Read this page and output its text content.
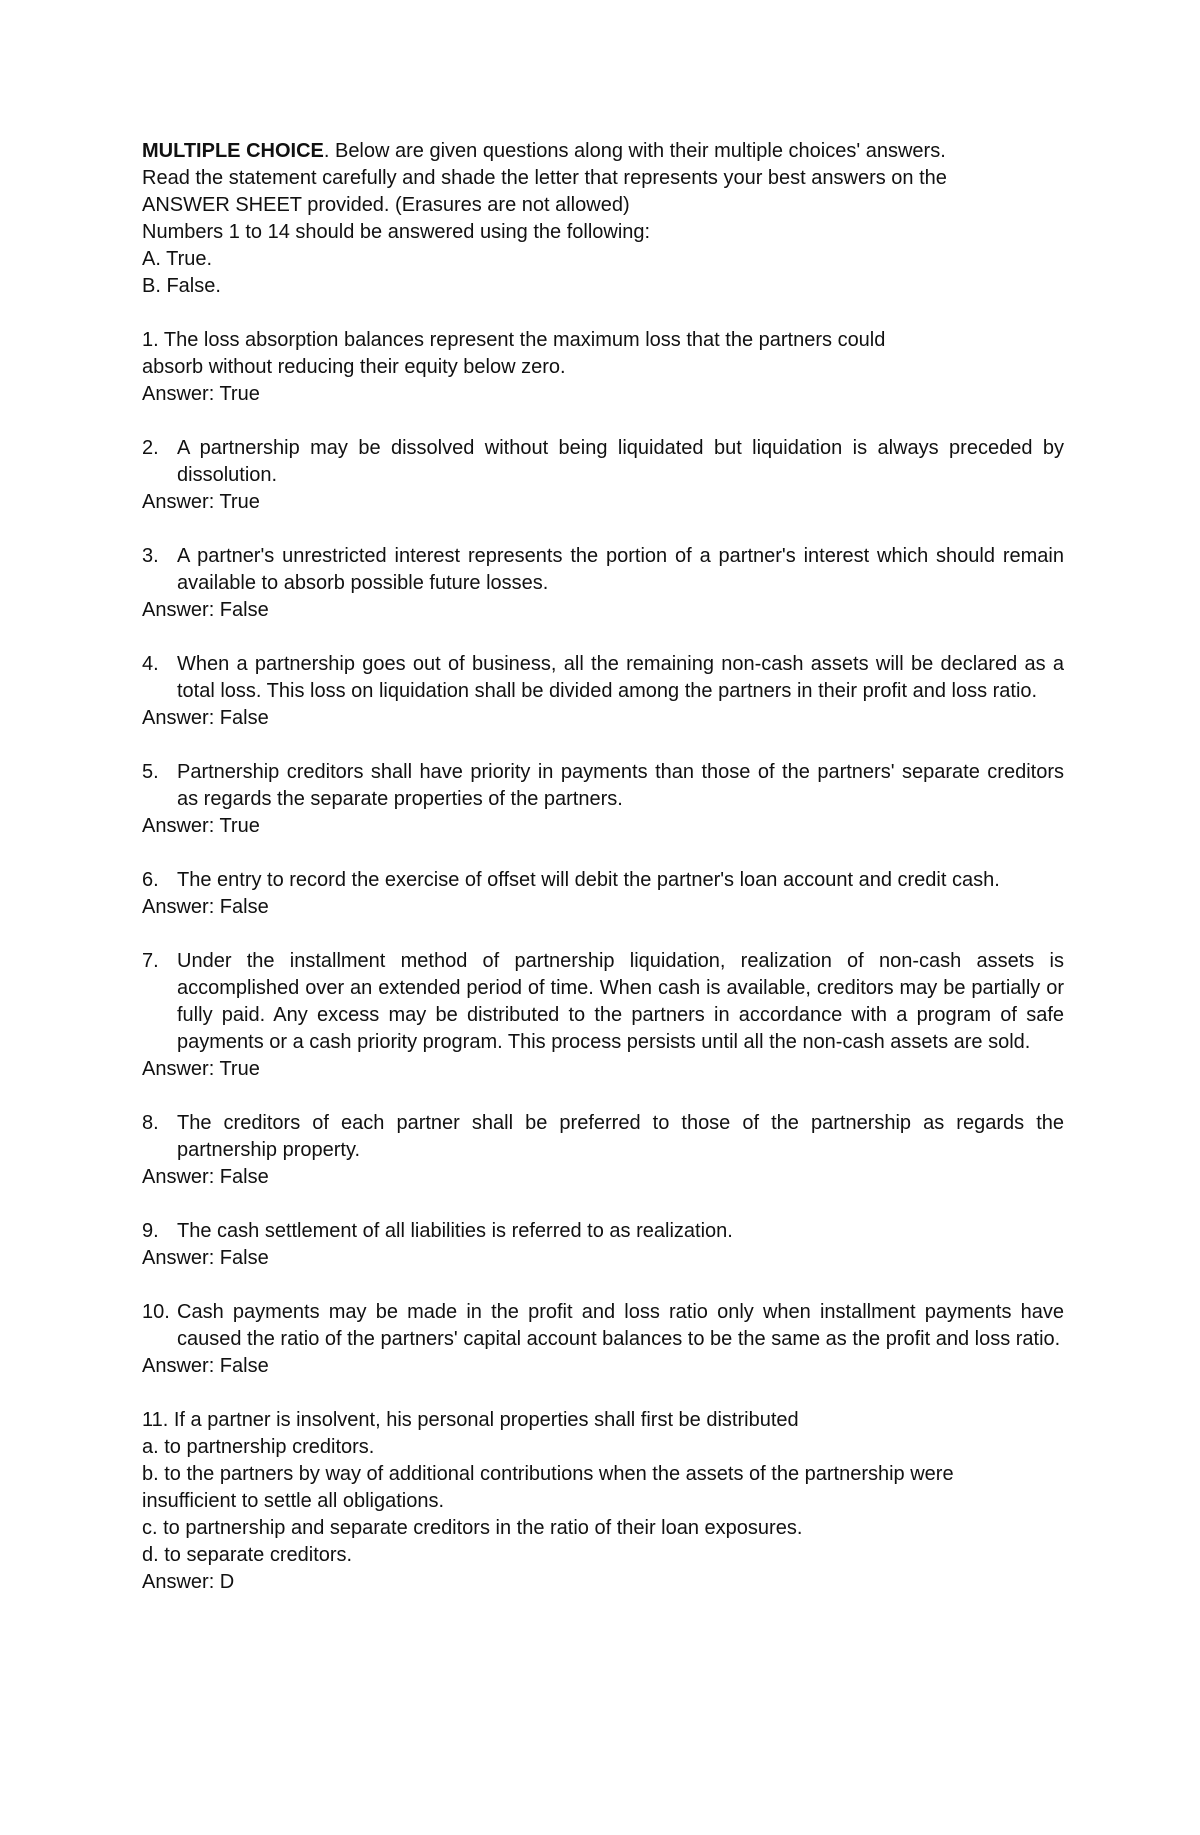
MULTIPLE CHOICE. Below are given questions along with their multiple choices' answers.

Read the statement carefully and shade the letter that represents your best answers on the

ANSWER SHEET provided. (Erasures are not allowed)

Numbers 1 to 14 should be answered using the following:

A. True.

B. False.

1. The loss absorption balances represent the maximum loss that the partners could

absorb without reducing their equity below zero.

Answer: True

2. A partnership may be dissolved without being liquidated but liquidation is always preceded by dissolution.

Answer: True

3. A partner's unrestricted interest represents the portion of a partner's interest which should remain available to absorb possible future losses.

Answer: False

4. When a partnership goes out of business, all the remaining non-cash assets will be declared as a total loss. This loss on liquidation shall be divided among the partners in their profit and loss ratio.

Answer: False

5. Partnership creditors shall have priority in payments than those of the partners' separate creditors as regards the separate properties of the partners.

Answer: True

6. The entry to record the exercise of offset will debit the partner's loan account and credit cash.

Answer: False

7. Under the installment method of partnership liquidation, realization of non-cash assets is accomplished over an extended period of time. When cash is available, creditors may be partially or fully paid. Any excess may be distributed to the partners in accordance with a program of safe payments or a cash priority program. This process persists until all the non-cash assets are sold.

Answer: True

8. The creditors of each partner shall be preferred to those of the partnership as regards the partnership property.

Answer: False

9. The cash settlement of all liabilities is referred to as realization.

Answer: False

10. Cash payments may be made in the profit and loss ratio only when installment payments have caused the ratio of the partners' capital account balances to be the same as the profit and loss ratio.

Answer: False

11. If a partner is insolvent, his personal properties shall first be distributed

a. to partnership creditors.

b. to the partners by way of additional contributions when the assets of the partnership were

insufficient to settle all obligations.

c. to partnership and separate creditors in the ratio of their loan exposures.

d. to separate creditors.

Answer: D
